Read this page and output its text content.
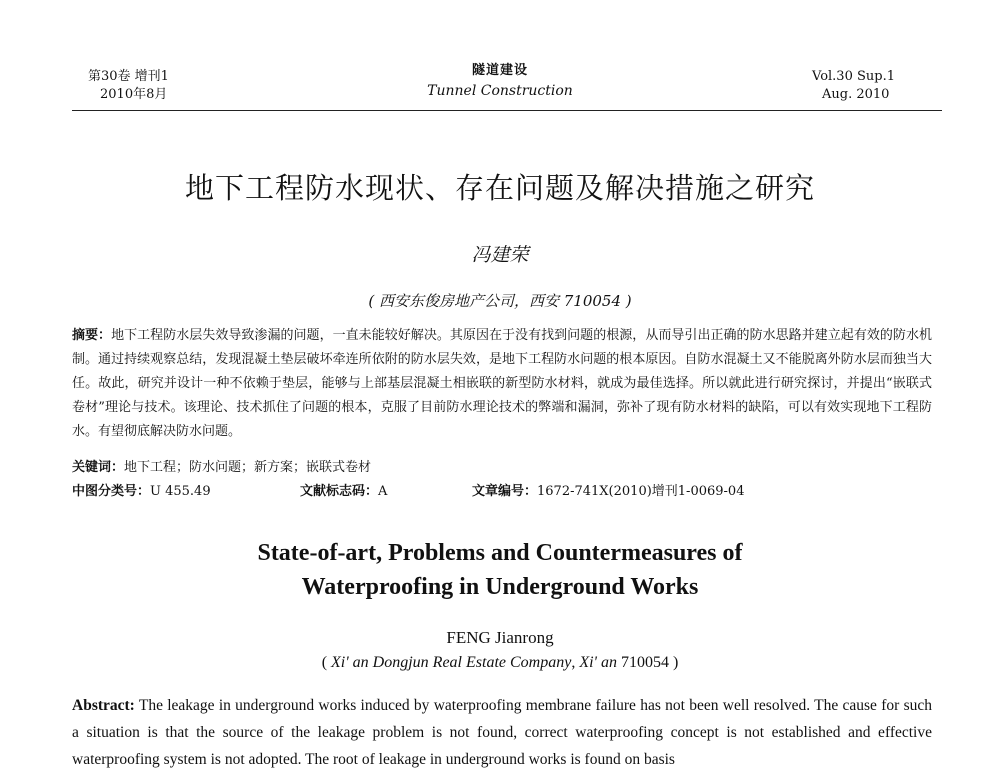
第30卷 增刊1
2010年8月
隧道建设
Tunnel Construction
Vol.30 Sup.1
Aug. 2010
地下工程防水现状、存在问题及解决措施之研究
冯建荣
( 西安东俊房地产公司，西安 710054 )
摘要：地下工程防水层失效导致渗漏的问题，一直未能较好解决。其原因在于没有找到问题的根源，从而导引出正确的防水思路并建立起有效的防水机制。通过持续观察总结，发现混凝土垫层破坏牵连所依附的防水层失效，是地下工程防水问题的根本原因。自防水混凝土又不能脱离外防水层而独当大任。故此，研究并设计一种不依赖于垫层，能够与上部基层混凝土相嵌联的新型防水材料，就成为最佳选择。所以就此进行研究探讨，并提出“嵌联式卷材”理论与技术。该理论、技术抓住了问题的根本，克服了目前防水理论技术的弊端和漏洞，弥补了现有防水材料的缺陷，可以有效实现地下工程防水。有望彻底解决防水问题。
关键词：地下工程；防水问题；新方案；嵌联式卷材
中图分类号：U 455.49	文献标志码：A	文章编号：1672-741X(2010)增刊1-0069-04
State-of-art, Problems and Countermeasures of
Waterproofing in Underground Works
FENG Jianrong
( Xi' an Dongjun Real Estate Company, Xi' an 710054 )
Abstract: The leakage in underground works induced by waterproofing membrane failure has not been well resolved. The cause for such a situation is that the source of the leakage problem is not found, correct waterproofing concept is not established and effective waterproofing system is not adopted. The root of leakage in underground works is found on basis
